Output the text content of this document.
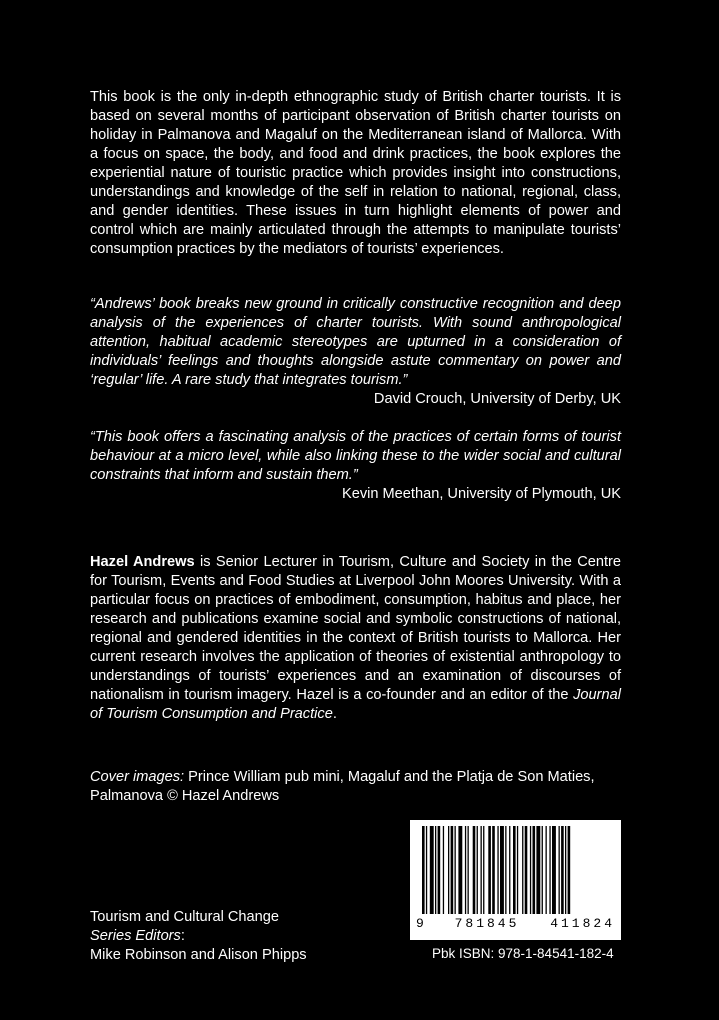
This book is the only in-depth ethnographic study of British charter tourists. It is based on several months of participant observation of British charter tourists on holiday in Palmanova and Magaluf on the Mediterranean island of Mallorca. With a focus on space, the body, and food and drink practices, the book explores the experiential nature of touristic practice which provides insight into constructions, understandings and knowledge of the self in relation to national, regional, class, and gender identities. These issues in turn highlight elements of power and control which are mainly articulated through the attempts to manipulate tourists’ consumption practices by the mediators of tourists’ experiences.

“Andrews’ book breaks new ground in critically constructive recognition and deep analysis of the experiences of charter tourists. With sound anthropological attention, habitual academic stereotypes are upturned in a consideration of individuals’ feelings and thoughts alongside astute commentary on power and ‘regular’ life. A rare study that integrates tourism.”
David Crouch, University of Derby, UK
“This book offers a fascinating analysis of the practices of certain forms of tourist behaviour at a micro level, while also linking these to the wider social and cultural constraints that inform and sustain them.”
Kevin Meethan, University of Plymouth, UK
Hazel Andrews is Senior Lecturer in Tourism, Culture and Society in the Centre for Tourism, Events and Food Studies at Liverpool John Moores University. With a particular focus on practices of embodiment, consumption, habitus and place, her research and publications examine social and symbolic constructions of national, regional and gendered identities in the context of British tourists to Mallorca. Her current research involves the application of theories of existential anthropology to understandings of tourists’ experiences and an examination of discourses of nationalism in tourism imagery. Hazel is a co-founder and an editor of the Journal of Tourism Consumption and Practice.
Cover images: Prince William pub mini, Magaluf and the Platja de Son Maties, Palmanova © Hazel Andrews
Tourism and Cultural Change
Series Editors:
Mike Robinson and Alison Phipps
9 781845 411824
Pbk ISBN: 978-1-84541-182-4
